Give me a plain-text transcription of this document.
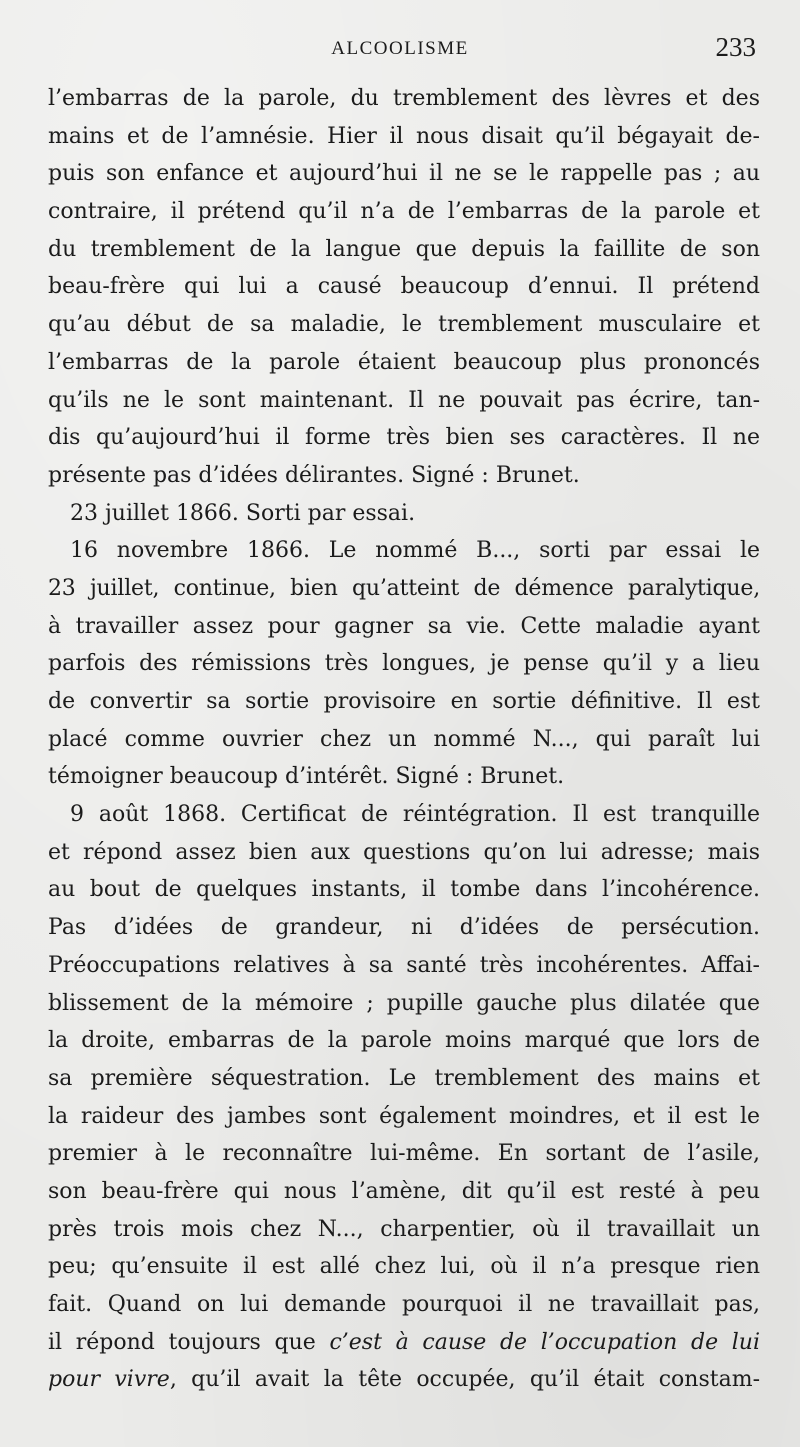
ALCOOLISME	233
l’embarras de la parole, du tremblement des lèvres et des
mains et de l’amnésie. Hier il nous disait qu’il bégayait de-
puis son enfance et aujourd’hui il ne se le rappelle pas ; au
contraire, il prétend qu’il n’a de l’embarras de la parole et
du tremblement de la langue que depuis la faillite de son
beau-frère qui lui a causé beaucoup d’ennui. Il prétend
qu’au début de sa maladie, le tremblement musculaire et
l’embarras de la parole étaient beaucoup plus prononcés
qu’ils ne le sont maintenant. Il ne pouvait pas écrire, tan-
dis qu’aujourd’hui il forme très bien ses caractères. Il ne
présente pas d’idées délirantes. Signé : Brunet.
23 juillet 1866. Sorti par essai.
16 novembre 1866. Le nommé B..., sorti par essai le
23 juillet, continue, bien qu’atteint de démence paralytique,
à travailler assez pour gagner sa vie. Cette maladie ayant
parfois des rémissions très longues, je pense qu’il y a lieu
de convertir sa sortie provisoire en sortie définitive. Il est
placé comme ouvrier chez un nommé N..., qui paraît lui
témoigner beaucoup d’intérêt. Signé : Brunet.
9 août 1868. Certificat de réintégration. Il est tranquille
et répond assez bien aux questions qu’on lui adresse; mais
au bout de quelques instants, il tombe dans l’incohérence.
Pas d’idées de grandeur, ni d’idées de persécution.
Préoccupations relatives à sa santé très incohérentes. Affai-
blissement de la mémoire ; pupille gauche plus dilatée que
la droite, embarras de la parole moins marqué que lors de
sa première séquestration. Le tremblement des mains et
la raideur des jambes sont également moindres, et il est le
premier à le reconnaître lui-même. En sortant de l’asile,
son beau-frère qui nous l’amène, dit qu’il est resté à peu
près trois mois chez N..., charpentier, où il travaillait un
peu; qu’ensuite il est allé chez lui, où il n’a presque rien
fait. Quand on lui demande pourquoi il ne travaillait pas,
il répond toujours que c’est à cause de l’occupation de lui
pour vivre, qu’il avait la tête occupée, qu’il était constam-
